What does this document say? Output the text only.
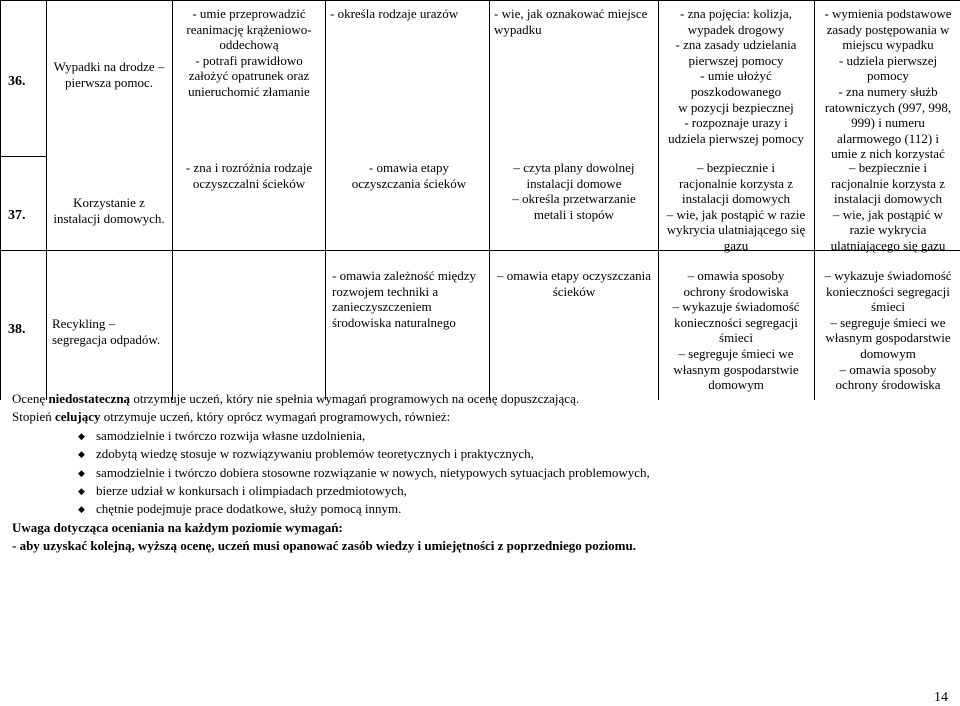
36.
Wypadki na drodze –
pierwsza pomoc.
- umie przeprowadzić
reanimację krążeniowo-
oddechową
- potrafi prawidłowo
założyć opatrunek oraz
unieruchomić złamanie
- określa rodzaje urazów	- wie, jak oznakować miejsce
wypadku
- zna pojęcia: kolizja,
wypadek drogowy
- zna zasady udzielania
pierwszej pomocy
- umie ułożyć
poszkodowanego
w pozycji bezpiecznej
- rozpoznaje urazy i
udziela pierwszej pomocy
- wymienia podstawowe
zasady postępowania w
miejscu wypadku
- udziela pierwszej
pomocy
- zna numery służb
ratowniczych (997, 998,
999) i numeru
alarmowego (112) i
umie z nich korzystać
37.
Korzystanie z
instalacji domowych.
- zna i rozróżnia rodzaje
oczyszczalni ścieków
- omawia etapy
oczyszczania ścieków
– czyta plany dowolnej
instalacji domowe
– określa przetwarzanie
metali i stopów
– bezpiecznie i
racjonalnie korzysta z
instalacji domowych
– wie, jak postąpić w razie
wykrycia ulatniającego się
gazu
– bezpiecznie i
racjonalnie korzysta z
instalacji domowych
– wie, jak postąpić w
razie wykrycia
ulatniającego się gazu
38. Recykling –
segregacja odpadów.
- omawia zależność między
rozwojem techniki a
zanieczyszczeniem
środowiska naturalnego
– omawia etapy oczyszczania
ścieków
– omawia sposoby
ochrony środowiska
– wykazuje świadomość
konieczności segregacji
śmieci
– segreguje śmieci we
własnym gospodarstwie
domowym
– wykazuje świadomość
konieczności segregacji
śmieci
– segreguje śmieci we
własnym gospodarstwie
domowym
– omawia sposoby
ochrony środowiska

Ocenę niedostateczną otrzymuje uczeń, który nie spełnia wymagań programowych na ocenę dopuszczającą.

Stopień celujący otrzymuje uczeń, który oprócz wymagań programowych, również:

◆ samodzielnie i twórczo rozwija własne uzdolnienia,
◆ zdobytą wiedzę stosuje w rozwiązywaniu problemów teoretycznych i praktycznych,
◆ samodzielnie i twórczo dobiera stosowne rozwiązanie w nowych, nietypowych sytuacjach problemowych,
◆ bierze udział w konkursach i olimpiadach przedmiotowych,
◆ chętnie podejmuje prace dodatkowe, służy pomocą innym.

Uwaga dotycząca oceniania na każdym poziomie wymagań:

- aby uzyskać kolejną, wyższą ocenę, uczeń musi opanować zasób wiedzy i umiejętności z poprzedniego poziomu.

14
